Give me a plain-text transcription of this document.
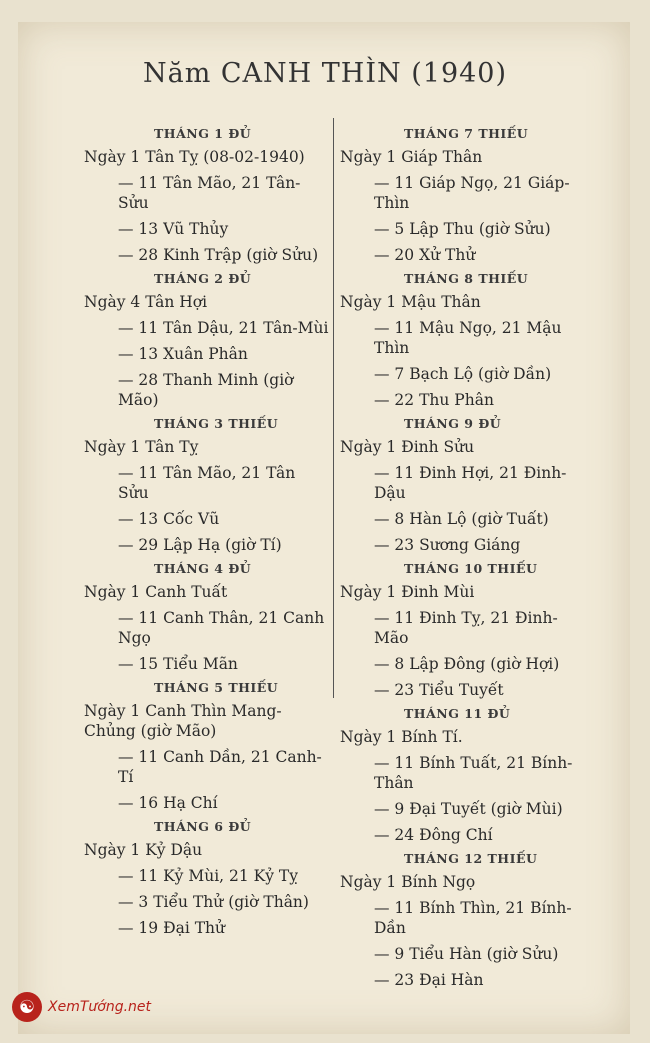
Năm CANH THÌN (1940)
THÁNG 1 ĐỦ
Ngày 1 Tân Tỵ (08-02-1940)
— 11 Tân Mão, 21 Tân-Sửu
— 13 Vũ Thủy
— 28 Kinh Trập (giờ Sửu)
THÁNG 2 ĐỦ
Ngày 4 Tân Hợi
— 11 Tân Dậu, 21 Tân-Mùi
— 13 Xuân Phân
— 28 Thanh Minh (giờ Mão)
THÁNG 3 THIẾU
Ngày 1 Tân Tỵ
— 11 Tân Mão, 21 Tân Sửu
— 13 Cốc Vũ
— 29 Lập Hạ (giờ Tí)
THÁNG 4 ĐỦ
Ngày 1 Canh Tuất
— 11 Canh Thân, 21 Canh Ngọ
— 15 Tiểu Mãn
THÁNG 5 THIẾU
Ngày 1 Canh Thìn Mang-Chủng (giờ Mão)
— 11 Canh Dần, 21 Canh-Tí
— 16 Hạ Chí
THÁNG 6 ĐỦ
Ngày 1 Kỷ Dậu
— 11 Kỷ Mùi, 21 Kỷ Tỵ
— 3 Tiểu Thử (giờ Thân)
— 19 Đại Thử
THÁNG 7 THIẾU
Ngày 1 Giáp Thân
— 11 Giáp Ngọ, 21 Giáp-Thìn
— 5 Lập Thu (giờ Sửu)
— 20 Xử Thử
THÁNG 8 THIẾU
Ngày 1 Mậu Thân
— 11 Mậu Ngọ, 21 Mậu Thìn
— 7 Bạch Lộ (giờ Dần)
— 22 Thu Phân
THÁNG 9 ĐỦ
Ngày 1 Đinh Sửu
— 11 Đinh Hợi, 21 Đinh-Dậu
— 8 Hàn Lộ (giờ Tuất)
— 23 Sương Giáng
THÁNG 10 THIẾU
Ngày 1 Đinh Mùi
— 11 Đinh Tỵ, 21 Đinh-Mão
— 8 Lập Đông (giờ Hợi)
— 23 Tiểu Tuyết
THÁNG 11 ĐỦ
Ngày 1 Bính Tí.
— 11 Bính Tuất, 21 Bính-Thân
— 9 Đại Tuyết (giờ Mùi)
— 24 Đông Chí
THÁNG 12 THIẾU
Ngày 1 Bính Ngọ
— 11 Bính Thìn, 21 Bính-Dần
— 9 Tiểu Hàn (giờ Sửu)
— 23 Đại Hàn
☯ XemTướng.net
